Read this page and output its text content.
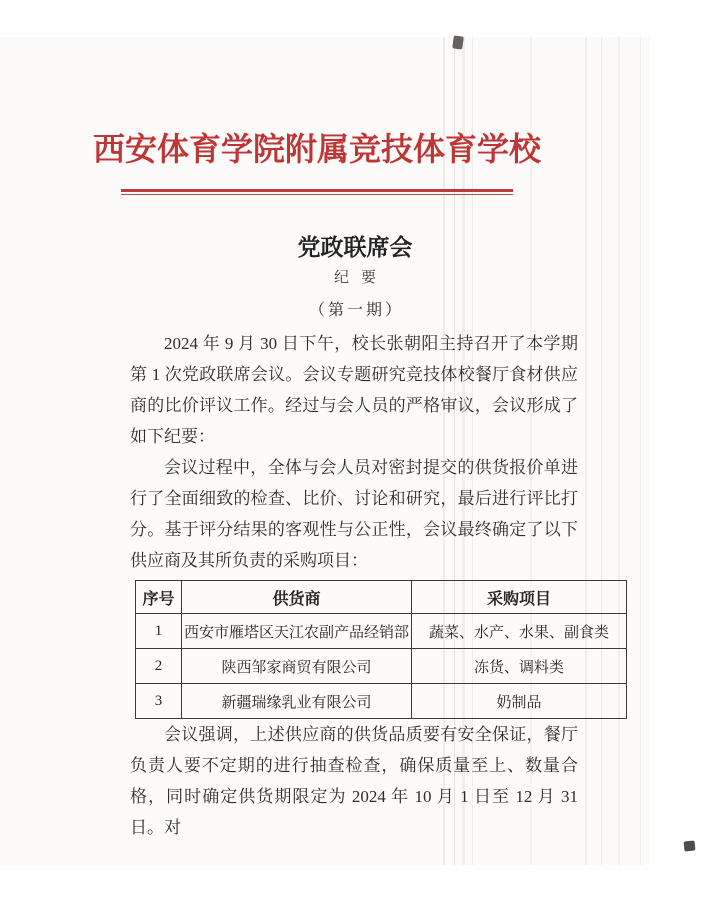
西安体育学院附属竞技体育学校
党政联席会
纪要
（第一期）

2024 年 9 月 30 日下午，校长张朝阳主持召开了本学期第 1 次党政联席会议。会议专题研究竞技体校餐厅食材供应商的比价评议工作。经过与会人员的严格审议，会议形成了如下纪要：

会议过程中，全体与会人员对密封提交的供货报价单进行了全面细致的检查、比价、讨论和研究，最后进行评比打分。基于评分结果的客观性与公正性，会议最终确定了以下供应商及其所负责的采购项目：

序号	供货商	采购项目
1	西安市雁塔区天江农副产品经销部	蔬菜、水产、水果、副食类
2	陕西邹家商贸有限公司	冻货、调料类
3	新疆瑞缘乳业有限公司	奶制品

会议强调，上述供应商的供货品质要有安全保证，餐厅负责人要不定期的进行抽查检查，确保质量至上、数量合格，同时确定供货期限定为 2024 年 10 月 1 日至 12 月 31 日。对
